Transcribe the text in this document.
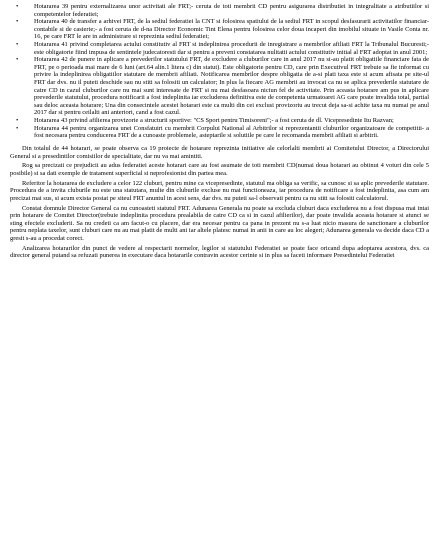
• Hotararea 39 pentru externalizarea unor activitati ale FRT;- ceruta de toti membrii CD pentru asigurarea distributiei in integralitate a atributiilor si competentelor federatiei;
• Hotararea 40 de transfer a arhivei FRT, de la sediul federatiei la CNT si folosirea spatiului de la sediul FRT in scopul desfasurarii activitatilor financiar-contabile si de casierie;- a fost ceruta de d-na Director Economic Tint Elena pentru folosirea celor doua incaperi din imobilul situate in Vasile Conta nr. 16, pe care FRT le are in administrare si reprezinta sediul federatiei;
• Hotararea 41 privind completarea actului constitutiv al FRT si indeplinirea procedurii de inregistrare a membrilor afiliati FRT la Tribunalul Bucuresti;- este obligatorie fiind impusa de sentintele judecatoresti dar si pentru a preveni constatarea nulitatii actului constitutiv initial al FRT adoptat in anul 2001;
• Hotararea 42 de punere in aplicare a prevederilor statutului FRT, de excludere a cluburilor care in anul 2017 nu si-au platit obligatiile financiare fata de FRT, pe o perioada mai mare de 6 luni (art.64 alin.1 litera c) din statut). Este obligatorie pentru CD, care prin Executivul FRT trebuie sa fie informat cu privire la indeplinirea obligatiilor statutare de membrii afiliati. Notificarea membrilor despre obligatia de a-si plati taxa este si acum afisata pe site-ul FRT dar dvs. nu il puteti deschide sau nu stiti sa folositi un calculator; In plus la fiecare AG membrii au invocat ca nu se aplica prevederile statutare de catre CD in cazul cluburilor care nu mai sunt interesate de FRT si nu mai desfasoara niciun fel de activitate. Prin aceasta hotarare am pus in aplicare prevederile statutului, procedura notificarii a fost indeplinita iar excluderea definitiva este de competenta urmatoarei AG care poate invalida total, partial sau deloc aceasta hotarare; Una din consecintele acestei hotarari este ca multi din cei exclusi provizoriu au trecut deja sa-si achite taxa nu numai pe anul 2017 dar si pentru ceilalti ani anteriori, cand a fost cazul.
• Hotararea 43 privind afilierea provizorie a structurii sportive: "CS Sport pentru Timisoreni";- a fost ceruta de dl. Vicepresedinte Itu Razvan;
• Hotararea 44 pentru organizarea unei Consfatuiri cu membrii Corpului National al Arbitrilor si reprezentantii cluburilor organizatoare de competitii- a fost necesara pentru conducerea FRT de a cunoaste problemele, asteptarile si solutiile pe care le recomanda membrii afiliati si arbitrii.

Din totalul de 44 hotarari, se poate observa ca 19 proiecte de hotarare reprezinta initiative ale celorlalti membrii ai Comitetului Director, a Directorului General si a presedintilor comisiilor de specialitate, dar nu va mai amintiti.

Rog sa precizati ce prejudicii au adus federatiei aceste hotarari care au fost asumate de toti membrii CD(numai doua hotarari au obtinut 4 voturi din cele 5 posibile) si sa dati exemple de tratament superficial si neprofesionist din partea mea.

Referitor la hotararea de excludere a celor 122 cluburi, pentru mine ca vicepresedinte, statutul ma obliga sa verific, sa cunosc si sa aplic prevederile statutare. Procedura de a invita cluburile nu este una statutara, multe din cluburile excluse nu mai functioneaza, iar procedura de notificare a fost indeplinita, asa cum am precizat mai sus, si acum exista postat pe siteul FRT anuntul in acest sens, dar dvs. nu puteti sa-l observati pentru ca nu stiti sa folositi calculatorul.

Constat domnule Director General ca nu cunoasteti statutul FRT. Adunarea Generala nu poate sa excluda cluburi daca excluderea nu a fost dispusa mai intai prin hotarare de Comitet Director(trebuie indeplinita procedura prealabila de catre CD ca si in cazul afilierilor), dar poate invalida aceasta hotarare si atunci se sting efectele excluderii. Sa nu credeti ca am facut-o cu placere, dar era necesar pentru ca pana in prezent nu s-a luat nicio masura de sanctionare a cluburilor pentru neplata taxelor, sunt cluburi care nu au mai platit de multi ani iar altele platesc numai in anii in care au loc alegeri; Adunarea generala va decide daca CD a gresit s-au a procedat corect.

Analizarea hotararilor din punct de vedere al respectarii normelor, legilor si statutului Federatiei se poate face oricand dupa adoptarea acestora, dvs. ca director general putand sa refuzati punerea in executare daca hotararile contravin acestor cerinte si in plus sa faceti informare Presedintelui Federatiei
